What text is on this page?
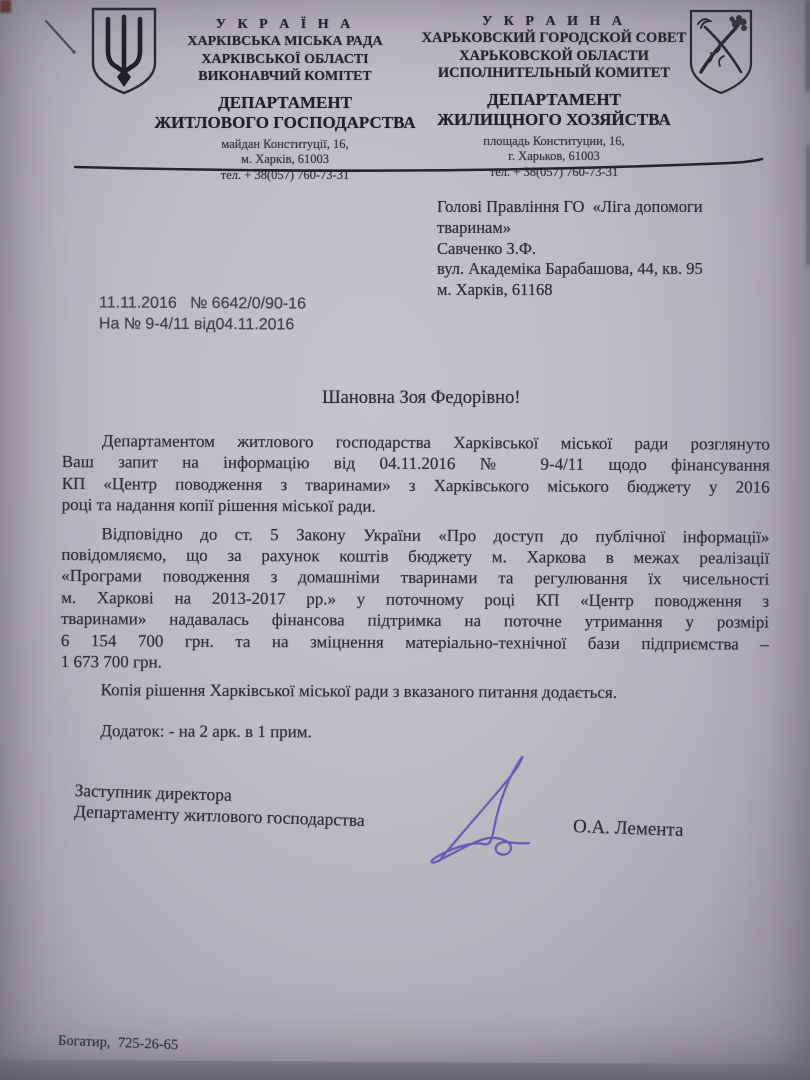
У К Р А Ї Н А
ХАРКІВСЬКА МІСЬКА РАДА
ХАРКІВСЬКОЇ ОБЛАСТІ
ВИКОНАВЧИЙ КОМІТЕТ
ДЕПАРТАМЕНТ
ЖИТЛОВОГО ГОСПОДАРСТВА
майдан Конституції, 16,
м. Харків, 61003
тел. + 38(057) 760-73-31
У К Р А И Н А
ХАРЬКОВСКИЙ ГОРОДСКОЙ СОВЕТ
ХАРЬКОВСКОЙ ОБЛАСТИ
ИСПОЛНИТЕЛЬНЫЙ КОМИТЕТ
ДЕПАРТАМЕНТ
ЖИЛИЩНОГО ХОЗЯЙСТВА
площадь Конституции, 16,
г. Харьков, 61003
тел. + 38(057) 760-73-31
Голові Правління ГО  «Ліга допомоги
тваринам»
Савченко З.Ф.
вул. Академіка Барабашова, 44, кв. 95
м. Харків, 61168
11.11.2016   № 6642/0/90-16
На № 9-4/11 від04.11.2016
Шановна Зоя Федорівно!
Департаментом житлового господарства Харківської міської ради розглянуто
Ваш запит на інформацію від 04.11.2016 № 9-4/11 щодо фінансування
КП «Центр поводження з тваринами» з Харківського міського бюджету у 2016
році та надання копії рішення міської ради.
Відповідно до ст. 5 Закону України «Про доступ до публічної інформації»
повідомляємо, що за рахунок коштів бюджету м. Харкова в межах реалізації
«Програми поводження з домашніми тваринами та регулювання їх чисельності
м. Харкові на 2013-2017 рр.» у поточному році КП «Центр поводження з
тваринами» надавалась фінансова підтримка на поточне утримання у розмірі
6 154 700 грн. та на зміцнення матеріально-технічної бази підприємства –
1 673 700 грн.
Копія рішення Харківської міської ради з вказаного питання додається.
Додаток: - на 2 арк. в 1 прим.
Заступник директора
Департаменту житлового господарства	О.А. Лемента
Богатир,  725-26-65
